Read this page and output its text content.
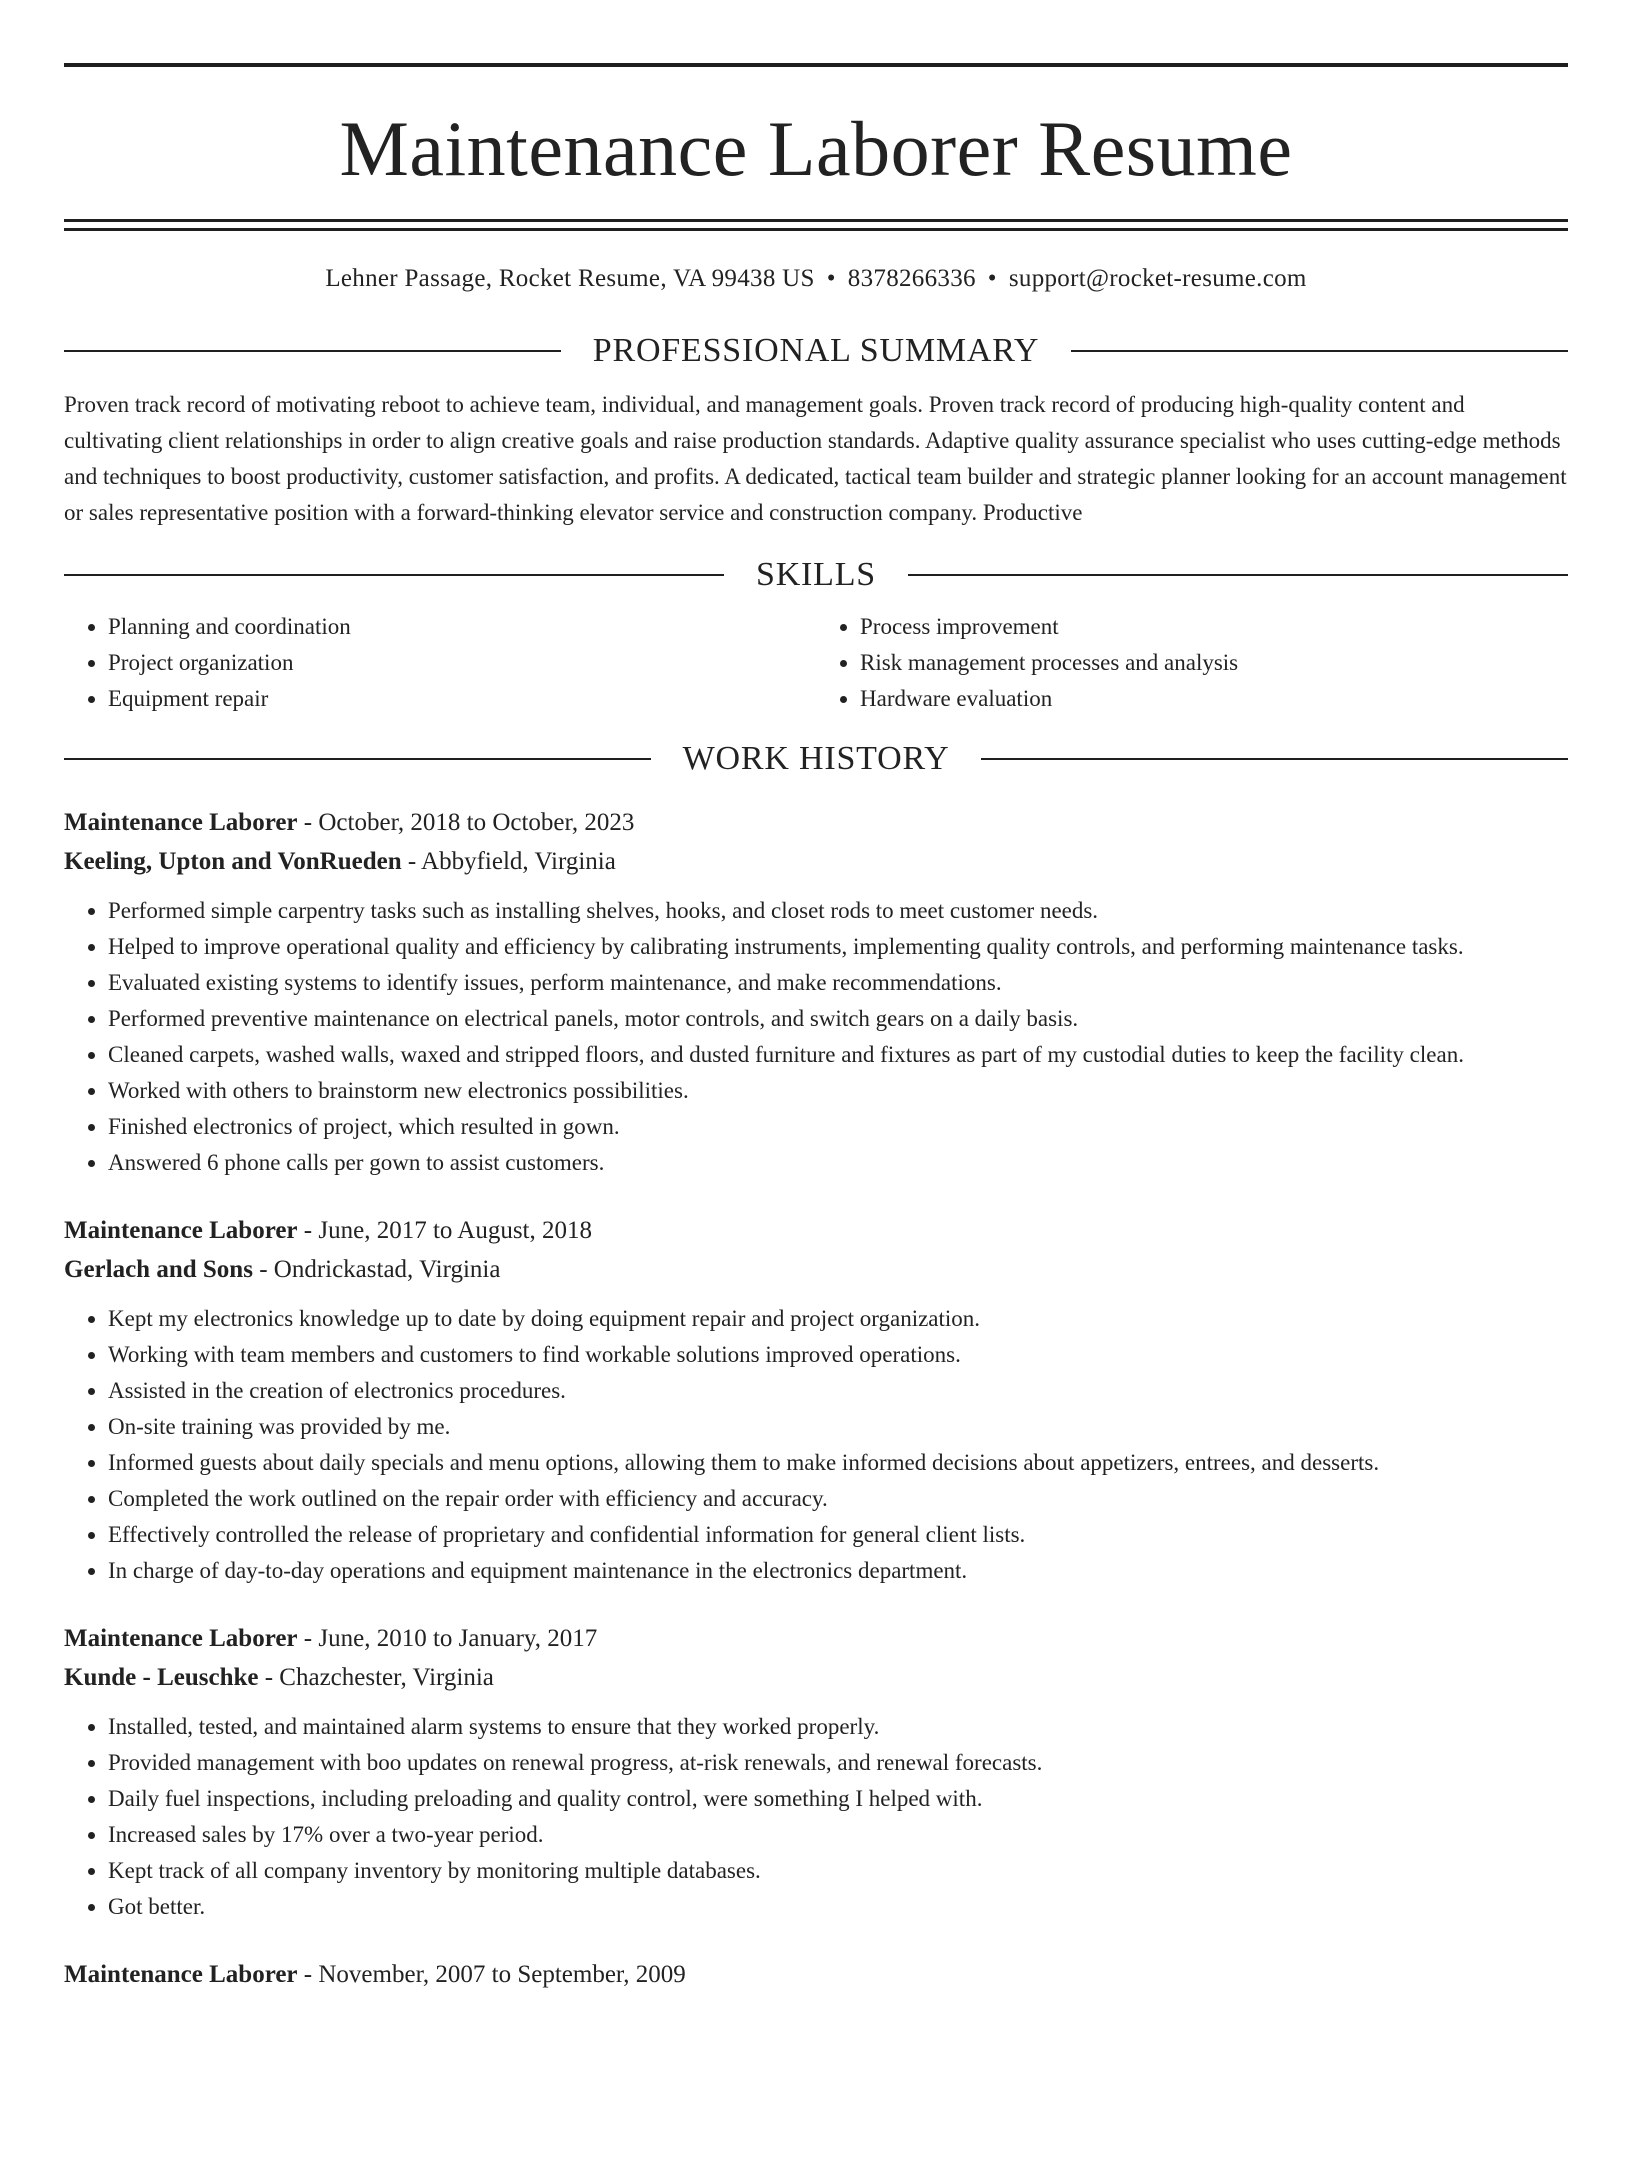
Maintenance Laborer Resume
Lehner Passage, Rocket Resume, VA 99438 US • 8378266336 • support@rocket-resume.com
PROFESSIONAL SUMMARY

Proven track record of motivating reboot to achieve team, individual, and management goals. Proven track record of producing high-quality content and cultivating client relationships in order to align creative goals and raise production standards. Adaptive quality assurance specialist who uses cutting-edge methods and techniques to boost productivity, customer satisfaction, and profits. A dedicated, tactical team builder and strategic planner looking for an account management or sales representative position with a forward-thinking elevator service and construction company. Productive

SKILLS
• Planning and coordination
• Project organization
• Equipment repair
• Process improvement
• Risk management processes and analysis
• Hardware evaluation
WORK HISTORY
Maintenance Laborer - October, 2018 to October, 2023
Keeling, Upton and VonRueden - Abbyfield, Virginia
• Performed simple carpentry tasks such as installing shelves, hooks, and closet rods to meet customer needs.
• Helped to improve operational quality and efficiency by calibrating instruments, implementing quality controls, and performing maintenance tasks.
• Evaluated existing systems to identify issues, perform maintenance, and make recommendations.
• Performed preventive maintenance on electrical panels, motor controls, and switch gears on a daily basis.
• Cleaned carpets, washed walls, waxed and stripped floors, and dusted furniture and fixtures as part of my custodial duties to keep the facility clean.
• Worked with others to brainstorm new electronics possibilities.
• Finished electronics of project, which resulted in gown.
• Answered 6 phone calls per gown to assist customers.
Maintenance Laborer - June, 2017 to August, 2018
Gerlach and Sons - Ondrickastad, Virginia
• Kept my electronics knowledge up to date by doing equipment repair and project organization.
• Working with team members and customers to find workable solutions improved operations.
• Assisted in the creation of electronics procedures.
• On-site training was provided by me.
• Informed guests about daily specials and menu options, allowing them to make informed decisions about appetizers, entrees, and desserts.
• Completed the work outlined on the repair order with efficiency and accuracy.
• Effectively controlled the release of proprietary and confidential information for general client lists.
• In charge of day-to-day operations and equipment maintenance in the electronics department.
Maintenance Laborer - June, 2010 to January, 2017
Kunde - Leuschke - Chazchester, Virginia
• Installed, tested, and maintained alarm systems to ensure that they worked properly.
• Provided management with boo updates on renewal progress, at-risk renewals, and renewal forecasts.
• Daily fuel inspections, including preloading and quality control, were something I helped with.
• Increased sales by 17% over a two-year period.
• Kept track of all company inventory by monitoring multiple databases.
• Got better.
Maintenance Laborer - November, 2007 to September, 2009
